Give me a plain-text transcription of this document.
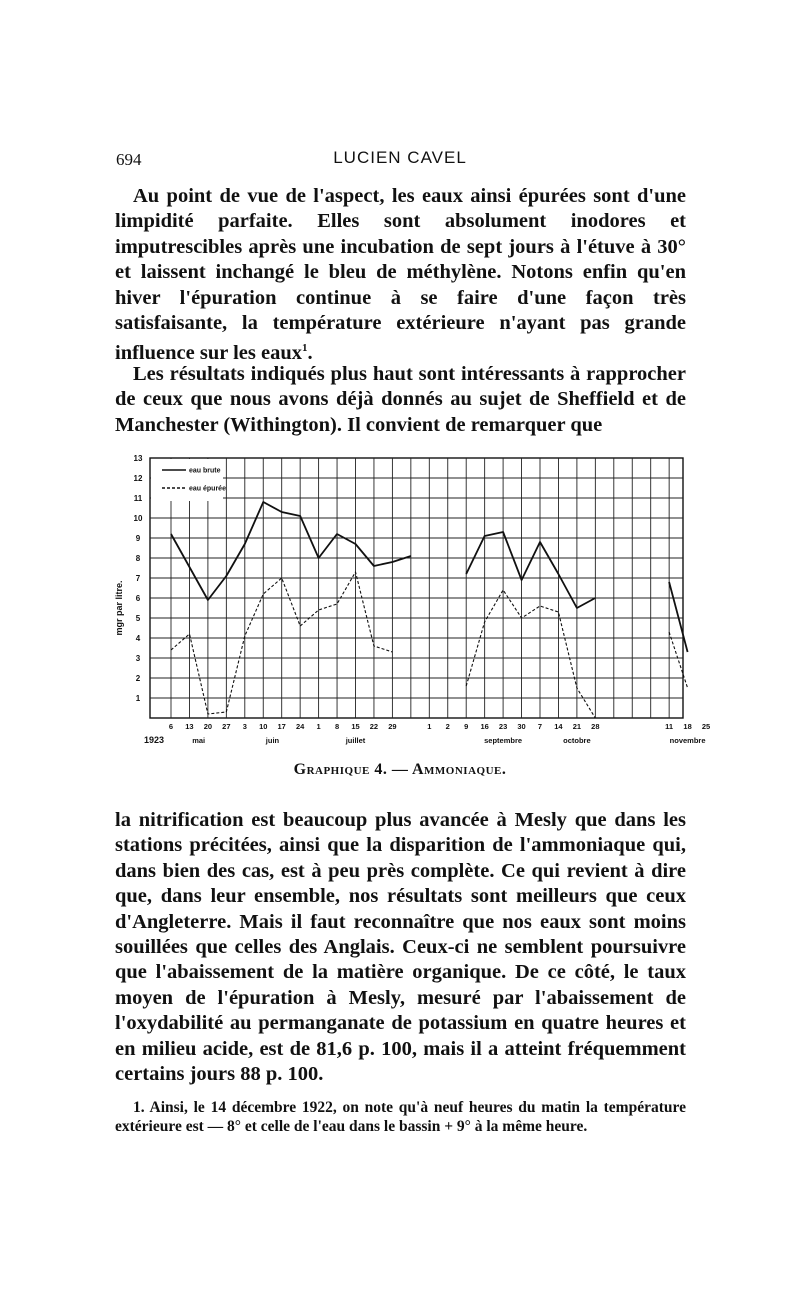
694	LUCIEN CAVEL

Au point de vue de l'aspect, les eaux ainsi épurées sont d'une limpidité parfaite. Elles sont absolument inodores et imputrescibles après une incubation de sept jours à l'étuve à 30° et laissent inchangé le bleu de méthylène. Notons enfin qu'en hiver l'épuration continue à se faire d'une façon très satisfaisante, la température extérieure n'ayant pas grande influence sur les eaux$^1$.

Les résultats indiqués plus haut sont intéressants à rapprocher de ceux que nous avons déjà donnés au sujet de Sheffield et de Manchester (Withington). Il convient de remarquer que

1
2
3
4
5
6
7
8
9
10
11
12
13
6 13 20 27 3 10 17 24 1 8 15 22 29	1 2 9 16 23 30 7 14 21 28	11 18 25
1923	mai	juin	juillet	septembre	octobre	novembre
eau brute
eau épurée
mgr par litre.
Graphique 4. — Ammoniaque.

la nitrification est beaucoup plus avancée à Mesly que dans les stations précitées, ainsi que la disparition de l'ammoniaque qui, dans bien des cas, est à peu près complète. Ce qui revient à dire que, dans leur ensemble, nos résultats sont meilleurs que ceux d'Angleterre. Mais il faut reconnaître que nos eaux sont moins souillées que celles des Anglais. Ceux-ci ne semblent poursuivre que l'abaissement de la matière organique. De ce côté, le taux moyen de l'épuration à Mesly, mesuré par l'abaissement de l'oxydabilité au permanganate de potassium en quatre heures et en milieu acide, est de 81,6 p. 100, mais il a atteint fréquemment certains jours 88 p. 100.

1. Ainsi, le 14 décembre 1922, on note qu'à neuf heures du matin la température extérieure est — 8° et celle de l'eau dans le bassin + 9° à la même heure.
